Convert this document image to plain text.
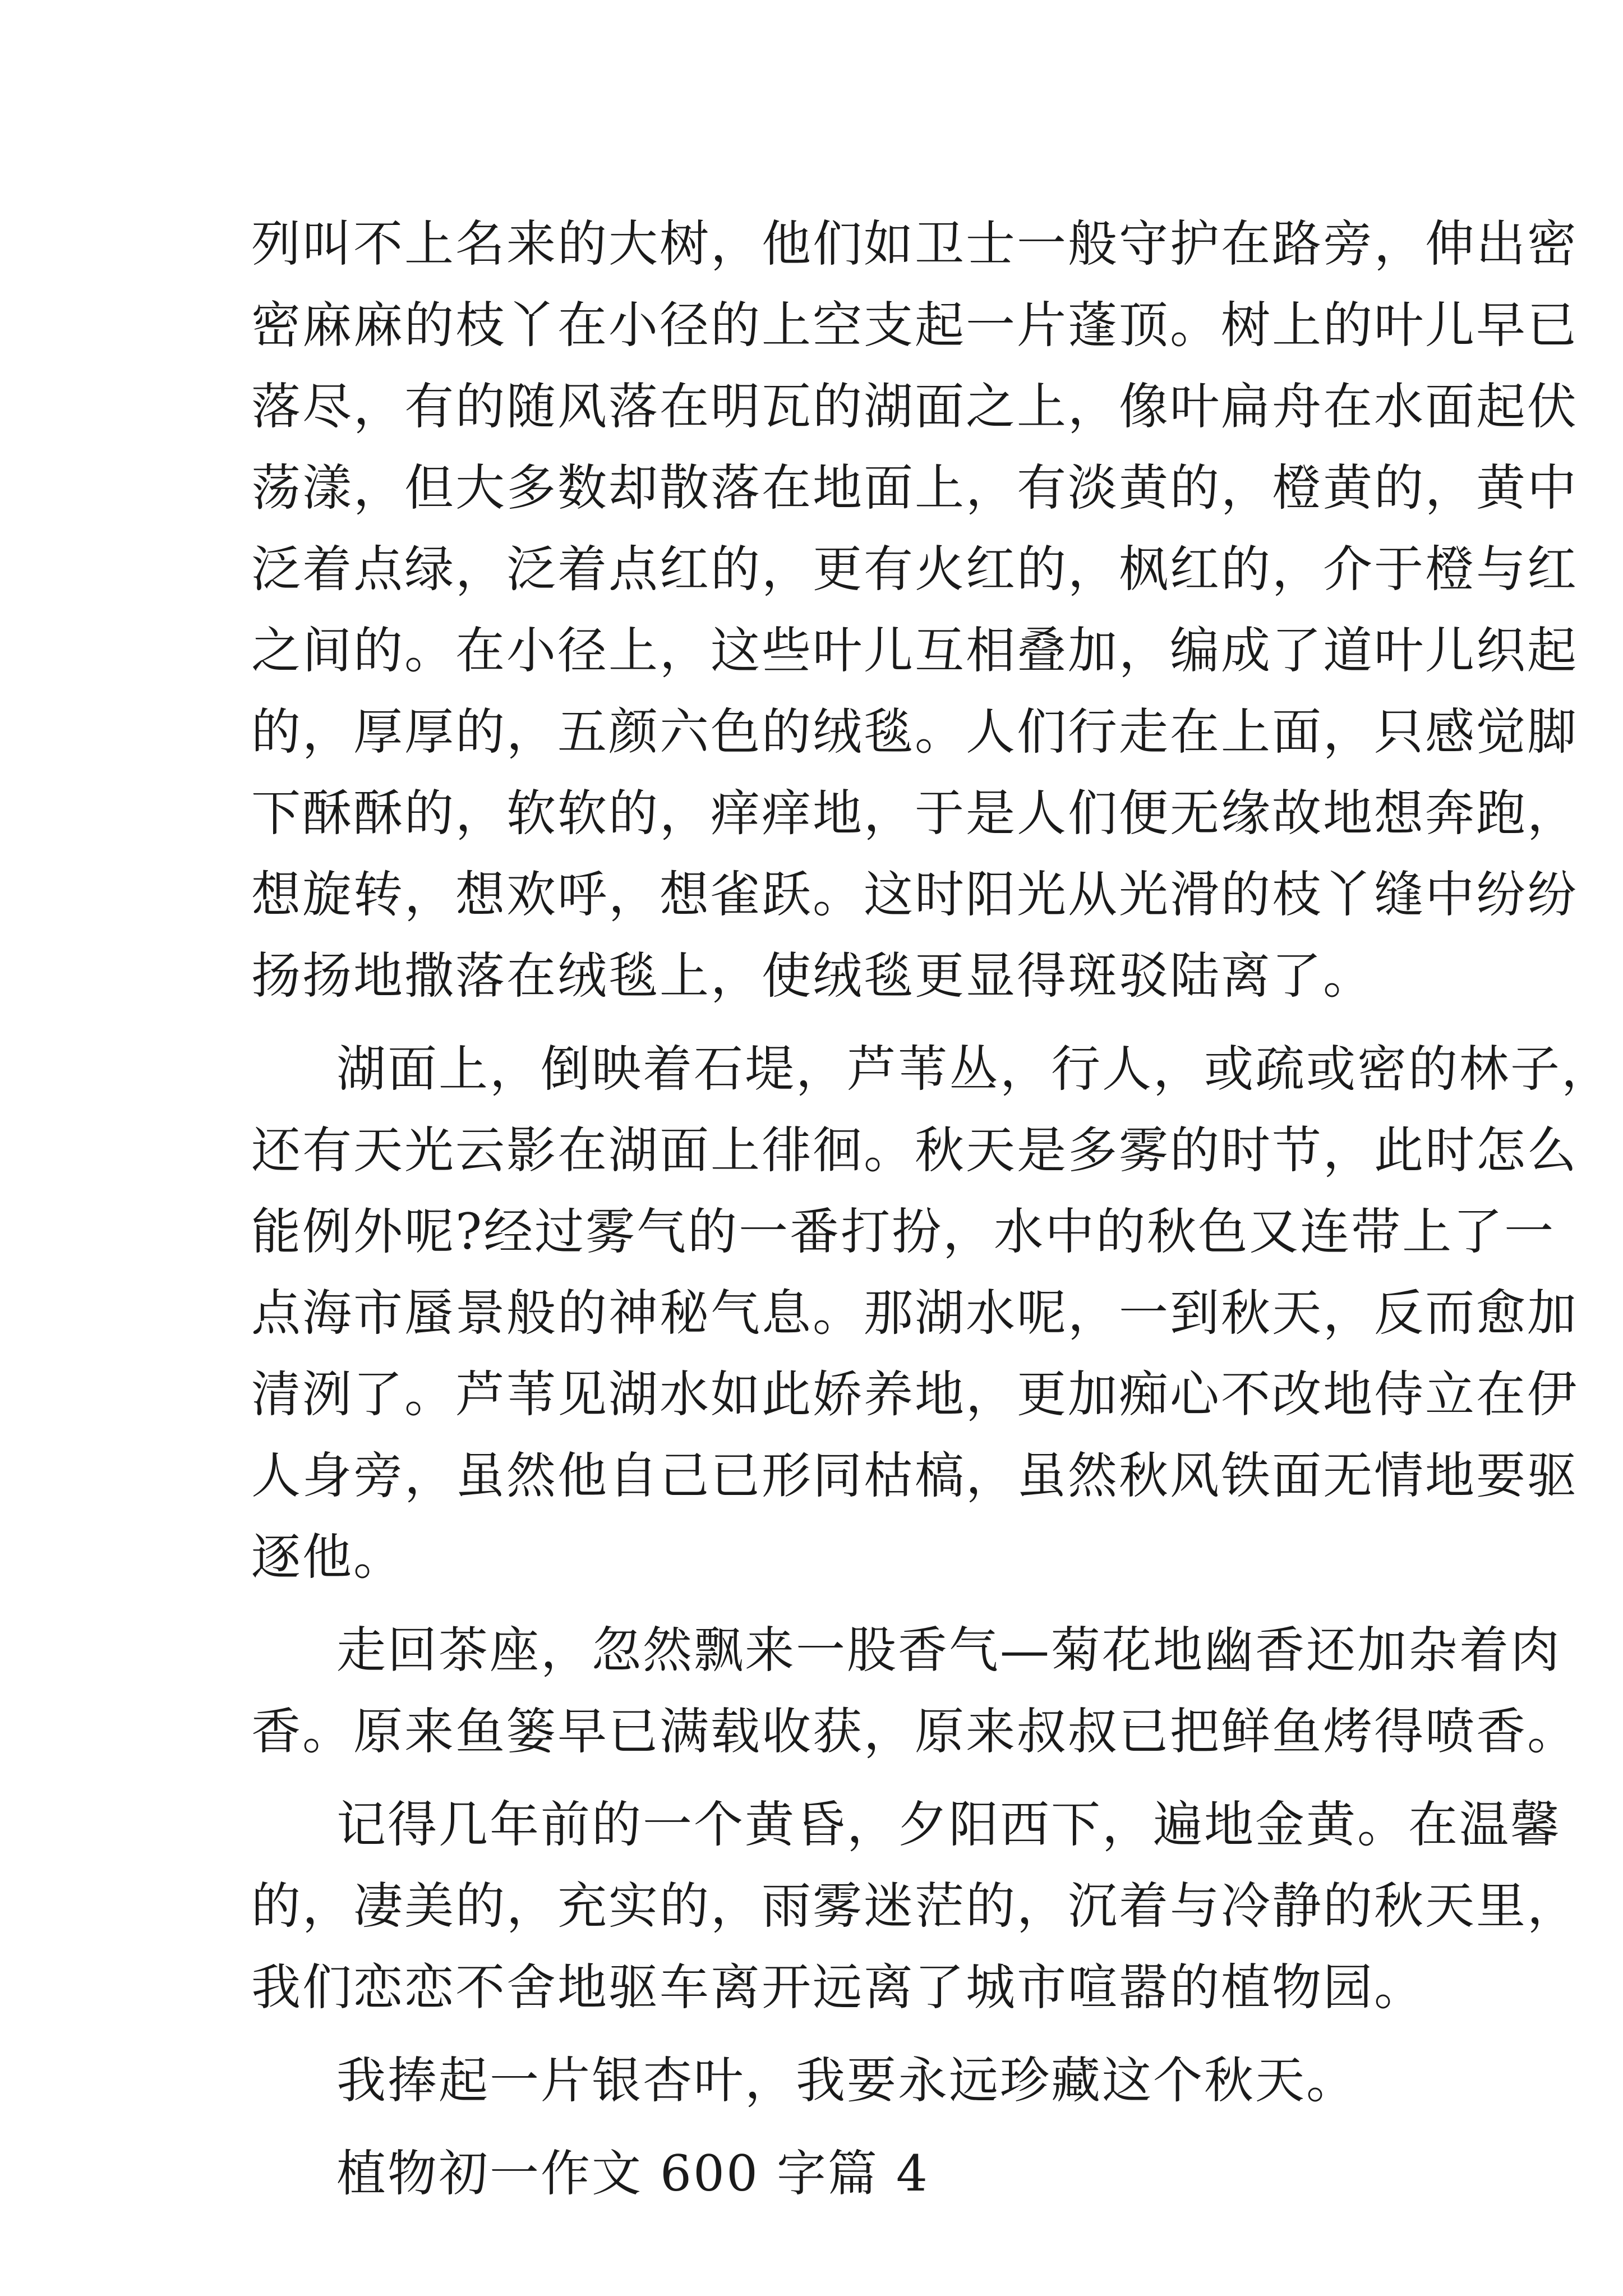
列叫不上名来的大树，他们如卫士一般守护在路旁，伸出密
密麻麻的枝丫在小径的上空支起一片蓬顶。树上的叶儿早已
落尽，有的随风落在明瓦的湖面之上，像叶扁舟在水面起伏
荡漾，但大多数却散落在地面上，有淡黄的，橙黄的，黄中
泛着点绿，泛着点红的，更有火红的，枫红的，介于橙与红
之间的。在小径上，这些叶儿互相叠加，编成了道叶儿织起
的，厚厚的，五颜六色的绒毯。人们行走在上面，只感觉脚
下酥酥的，软软的，痒痒地，于是人们便无缘故地想奔跑，
想旋转，想欢呼，想雀跃。这时阳光从光滑的枝丫缝中纷纷
扬扬地撒落在绒毯上，使绒毯更显得斑驳陆离了。
湖面上，倒映着石堤，芦苇丛，行人，或疏或密的林子，
还有天光云影在湖面上徘徊。秋天是多雾的时节，此时怎么
能例外呢?经过雾气的一番打扮，水中的秋色又连带上了一
点海市蜃景般的神秘气息。那湖水呢，一到秋天，反而愈加
清洌了。芦苇见湖水如此娇养地，更加痴心不改地侍立在伊
人身旁，虽然他自己已形同枯槁，虽然秋风铁面无情地要驱
逐他。
走回茶座，忽然飘来一股香气—菊花地幽香还加杂着肉
香。原来鱼篓早已满载收获，原来叔叔已把鲜鱼烤得喷香。
记得几年前的一个黄昏，夕阳西下，遍地金黄。在温馨
的，凄美的，充实的，雨雾迷茫的，沉着与冷静的秋天里，
我们恋恋不舍地驱车离开远离了城市喧嚣的植物园。
我捧起一片银杏叶，我要永远珍藏这个秋天。
植物初一作文 600 字篇 4
